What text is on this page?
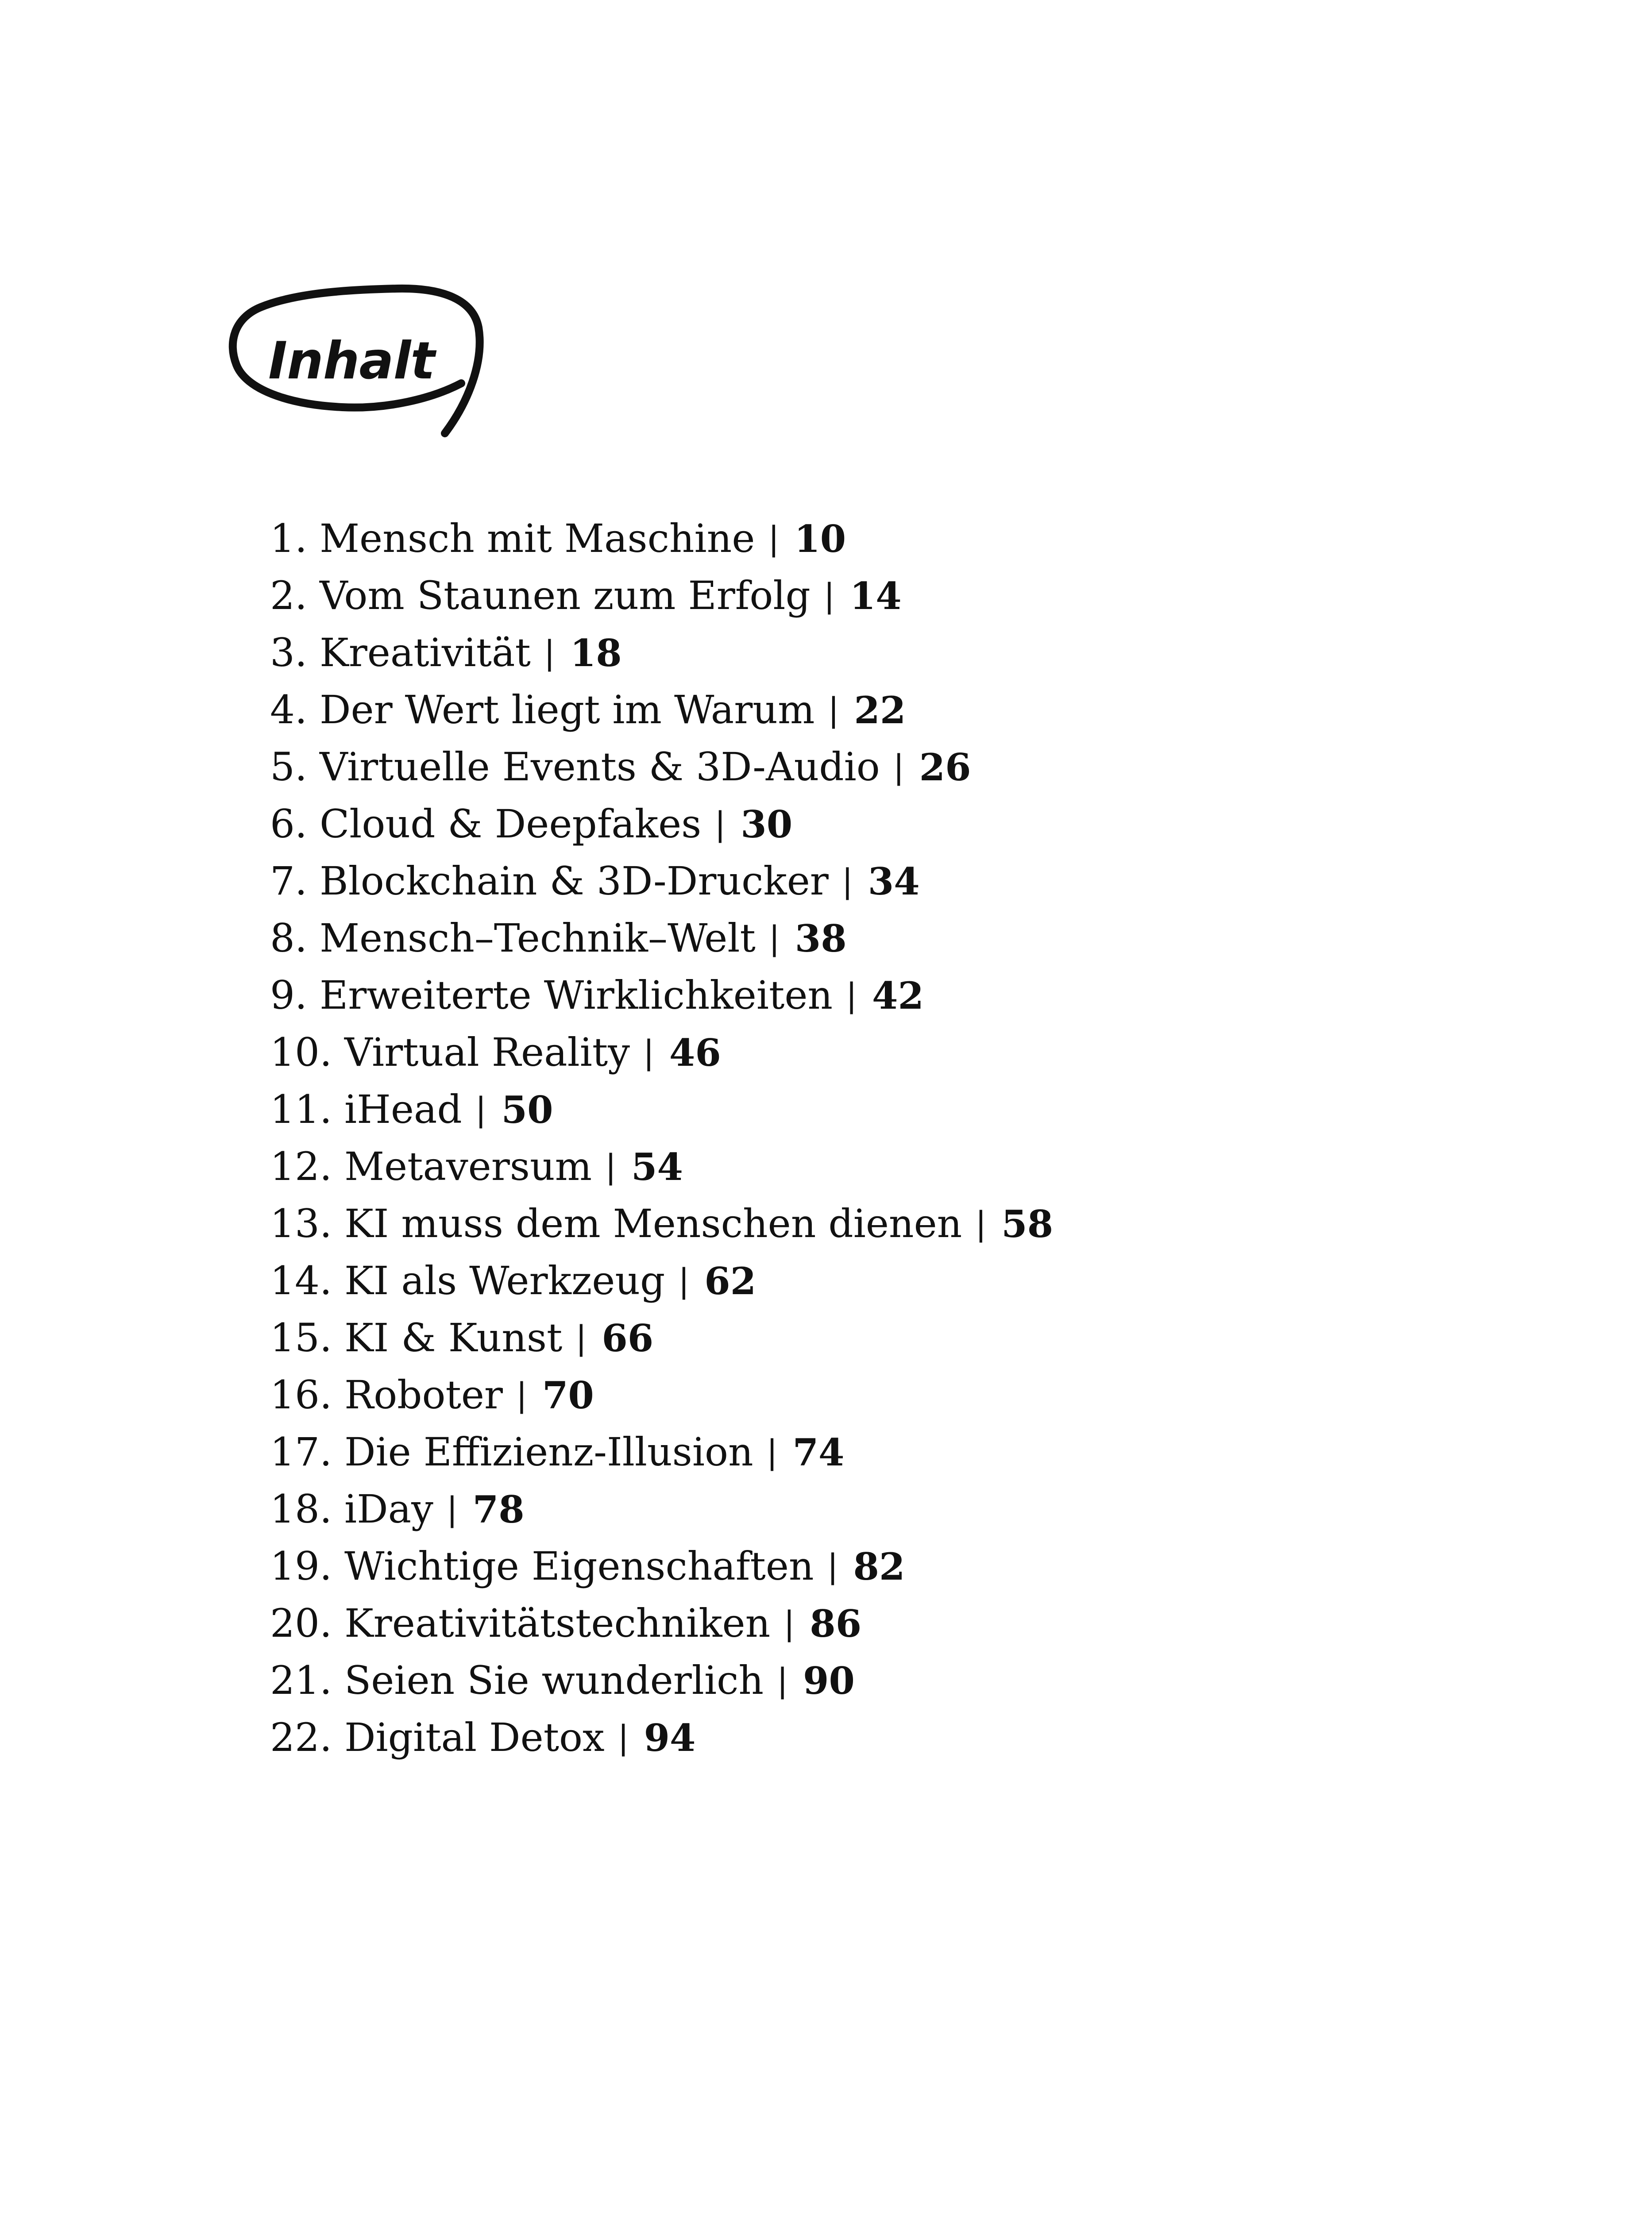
Inhalt
1. Mensch mit Maschine | 10
2. Vom Staunen zum Erfolg | 14
3. Kreativität | 18
4. Der Wert liegt im Warum | 22
5. Virtuelle Events & 3D-Audio | 26
6. Cloud & Deepfakes | 30
7. Blockchain & 3D-Drucker | 34
8. Mensch–Technik–Welt | 38
9. Erweiterte Wirklichkeiten | 42
10. Virtual Reality | 46
11. iHead | 50
12. Metaversum | 54
13. KI muss dem Menschen dienen | 58
14. KI als Werkzeug | 62
15. KI & Kunst | 66
16. Roboter | 70
17. Die Effizienz-Illusion | 74
18. iDay | 78
19. Wichtige Eigenschaften | 82
20. Kreativitätstechniken | 86
21. Seien Sie wunderlich | 90
22. Digital Detox | 94
